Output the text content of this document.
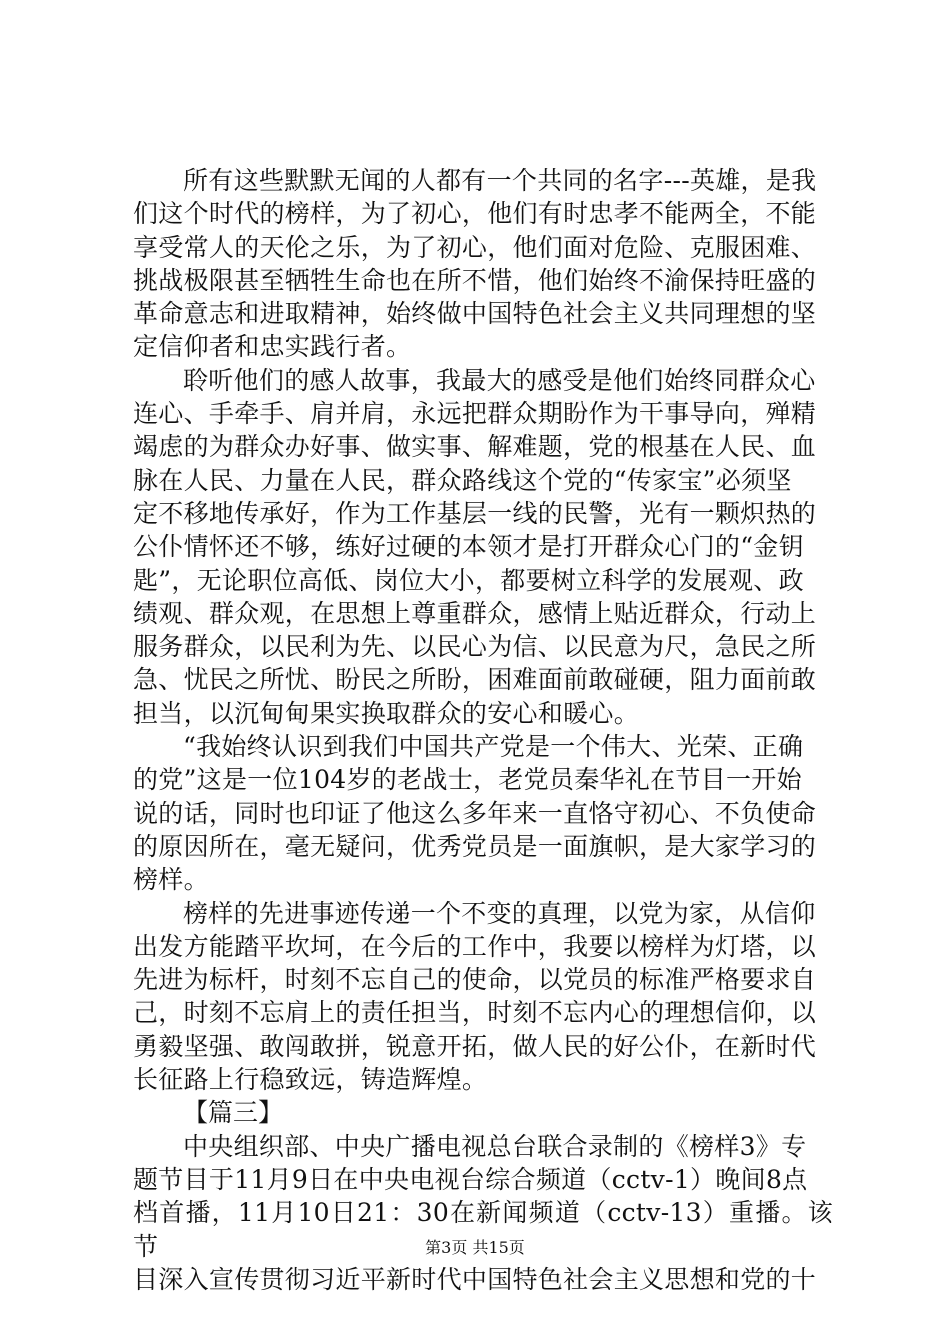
所有这些默默无闻的人都有一个共同的名字---英雄，是我
们这个时代的榜样，为了初心，他们有时忠孝不能两全，不能
享受常人的天伦之乐，为了初心，他们面对危险、克服困难、
挑战极限甚至牺牲生命也在所不惜，他们始终不渝保持旺盛的
革命意志和进取精神，始终做中国特色社会主义共同理想的坚
定信仰者和忠实践行者。

聆听他们的感人故事，我最大的感受是他们始终同群众心
连心、手牵手、肩并肩，永远把群众期盼作为干事导向，殚精
竭虑的为群众办好事、做实事、解难题，党的根基在人民、血
脉在人民、力量在人民，群众路线这个党的“传家宝”必须坚
定不移地传承好，作为工作基层一线的民警，光有一颗炽热的
公仆情怀还不够，练好过硬的本领才是打开群众心门的“金钥
匙”，无论职位高低、岗位大小，都要树立科学的发展观、政
绩观、群众观，在思想上尊重群众，感情上贴近群众，行动上
服务群众，以民利为先、以民心为信、以民意为尺，急民之所
急、忧民之所忧、盼民之所盼，困难面前敢碰硬，阻力面前敢
担当，以沉甸甸果实换取群众的安心和暖心。

“我始终认识到我们中国共产党是一个伟大、光荣、正确
的党”这是一位104岁的老战士，老党员秦华礼在节目一开始
说的话，同时也印证了他这么多年来一直恪守初心、不负使命
的原因所在，毫无疑问，优秀党员是一面旗帜，是大家学习的
榜样。

榜样的先进事迹传递一个不变的真理，以党为家，从信仰
出发方能踏平坎坷，在今后的工作中，我要以榜样为灯塔，以
先进为标杆，时刻不忘自己的使命，以党员的标准严格要求自
己，时刻不忘肩上的责任担当，时刻不忘内心的理想信仰，以
勇毅坚强、敢闯敢拼，锐意开拓，做人民的好公仆，在新时代
长征路上行稳致远，铸造辉煌。

【篇三】

中央组织部、中央广播电视总台联合录制的《榜样3》专
题节目于11月9日在中央电视台综合频道（cctv-1）晚间8点
档首播，11月10日21：30在新闻频道（cctv-13）重播。该节
目深入宣传贯彻习近平新时代中国特色社会主义思想和党的十

第3页 共15页
